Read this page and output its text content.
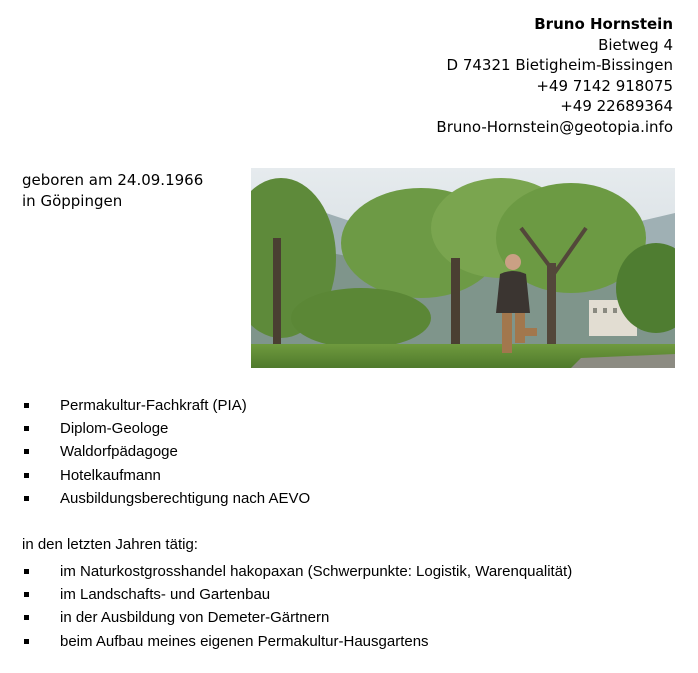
Bruno Hornstein
Bietweg 4
D 74321 Bietigheim-Bissingen
+49 7142 918075
+49 22689364
Bruno-Hornstein@geotopia.info
geboren am 24.09.1966
in Göppingen
Permakultur-Fachkraft (PIA)
Diplom-Geologe
Waldorfpädagoge
Hotelkaufmann
Ausbildungsberechtigung nach AEVO
in den letzten Jahren tätig:
im Naturkostgrosshandel hakopaxan (Schwerpunkte: Logistik, Warenqualität)
im Landschafts- und Gartenbau
in der Ausbildung von Demeter-Gärtnern
beim Aufbau meines eigenen Permakultur-Hausgartens
